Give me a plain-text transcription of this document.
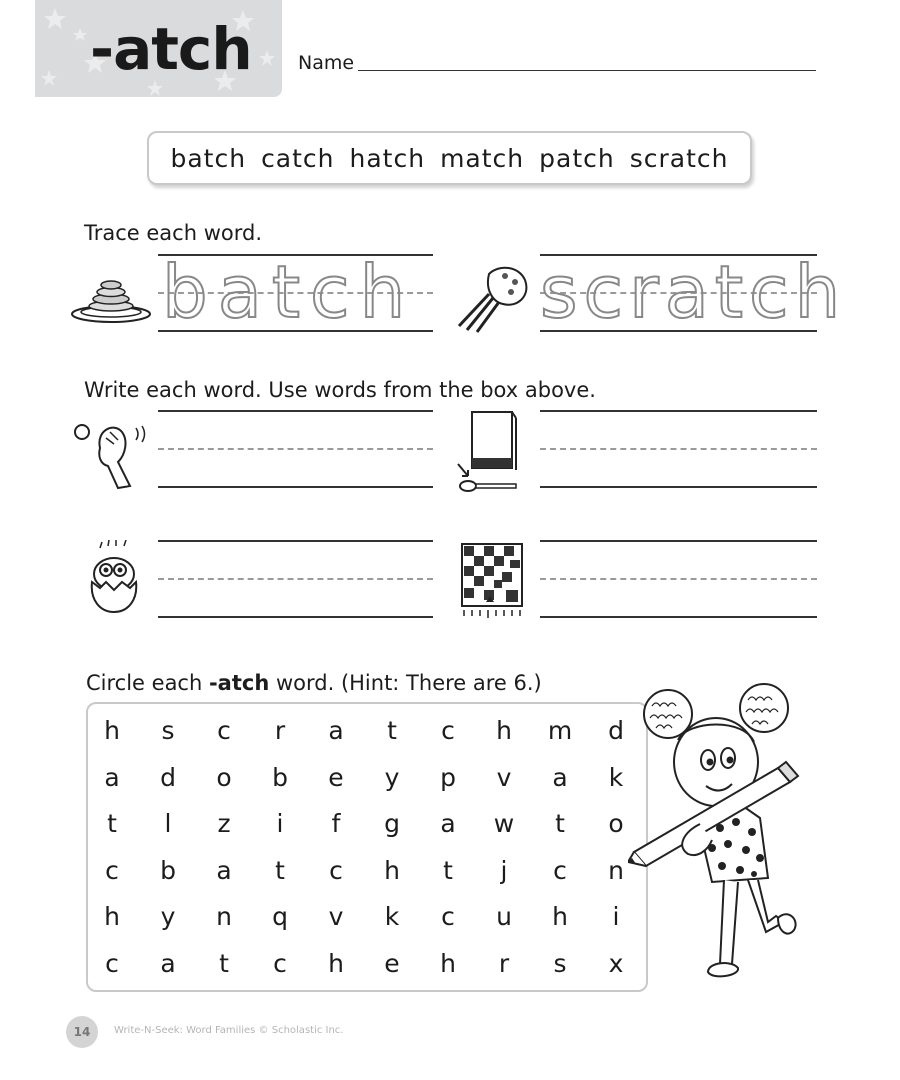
-atch Name
batch catch hatch match patch scratch
Trace each word.
batch scratch
Write each word. Use words from the box above.
Circle each -atch word. (Hint: There are 6.)
h	s	c	r	a	t	c	h	m	d
a	d	o	b	e	y	p	v	a	k
t	l	z	i	f	g	a	w	t	o
c	b	a	t	c	h	t	j	c	n
h	y	n	q	v	k	c	u	h	i
c	a	t	c	h	e	h	r	s	x
14	Write-N-Seek: Word Families © Scholastic Inc.
